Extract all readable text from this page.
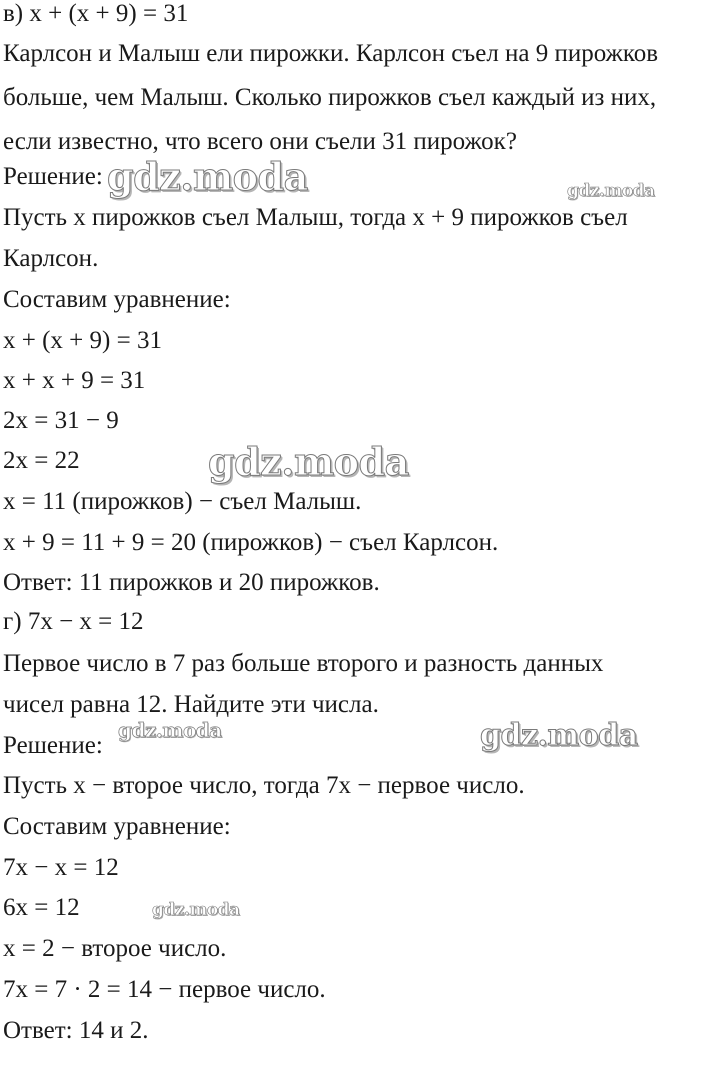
в) x + (x + 9) = 31
Карлсон и Малыш ели пирожки. Карлсон съел на 9 пирожков
больше, чем Малыш. Сколько пирожков съел каждый из них,
если известно, что всего они съели 31 пирожок?
Решение:
Пусть x пирожков съел Малыш, тогда x + 9 пирожков съел
Карлсон.
Составим уравнение:
x + (x + 9) = 31
x + x + 9 = 31
2x = 31 − 9
2x = 22
x = 11 (пирожков) − съел Малыш.
x + 9 = 11 + 9 = 20 (пирожков) − съел Карлсон.
Ответ: 11 пирожков и 20 пирожков.
г) 7x − x = 12
Первое число в 7 раз больше второго и разность данных
чисел равна 12. Найдите эти числа.
Решение:
Пусть x − второе число, тогда 7x − первое число.
Составим уравнение:
7x − x = 12
6x = 12
x = 2 − второе число.
7x = 7 · 2 = 14 − первое число.
Ответ: 14 и 2.
gdz.moda	gdz.moda
gdz.moda
gdz.moda	gdz.moda
gdz.moda
